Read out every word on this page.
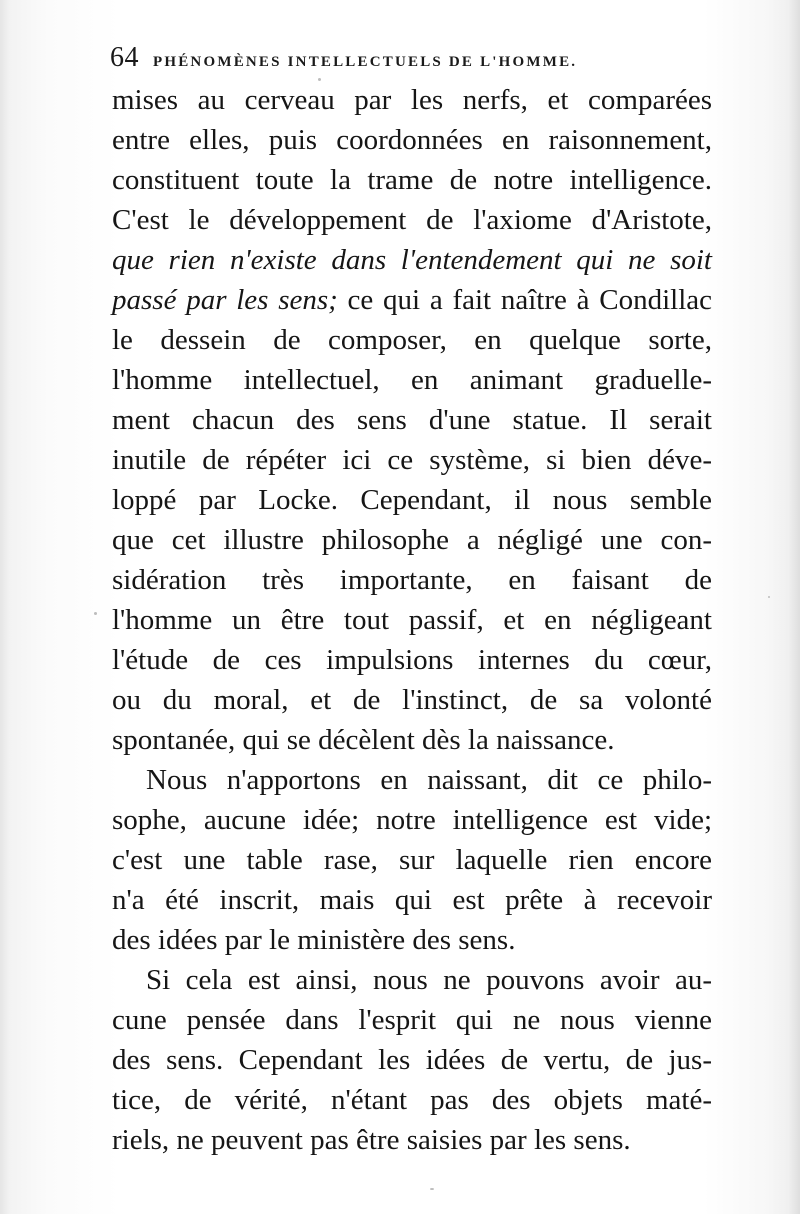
64 PHÉNOMÈNES INTELLECTUELS DE L'HOMME.
mises au cerveau par les nerfs, et comparées
entre elles, puis coordonnées en raisonnement,
constituent toute la trame de notre intelligence.
C'est le développement de l'axiome d'Aristote,
que rien n'existe dans l'entendement qui ne soit
passé par les sens; ce qui a fait naître à Condillac
le dessein de composer, en quelque sorte,
l'homme intellectuel, en animant graduelle-
ment chacun des sens d'une statue. Il serait
inutile de répéter ici ce système, si bien déve-
loppé par Locke. Cependant, il nous semble
que cet illustre philosophe a négligé une con-
sidération très importante, en faisant de
l'homme un être tout passif, et en négligeant
l'étude de ces impulsions internes du cœur,
ou du moral, et de l'instinct, de sa volonté
spontanée, qui se décèlent dès la naissance.
Nous n'apportons en naissant, dit ce philo-
sophe, aucune idée; notre intelligence est vide;
c'est une table rase, sur laquelle rien encore
n'a été inscrit, mais qui est prête à recevoir
des idées par le ministère des sens.
Si cela est ainsi, nous ne pouvons avoir au-
cune pensée dans l'esprit qui ne nous vienne
des sens. Cependant les idées de vertu, de jus-
tice, de vérité, n'étant pas des objets maté-
riels, ne peuvent pas être saisies par les sens.
